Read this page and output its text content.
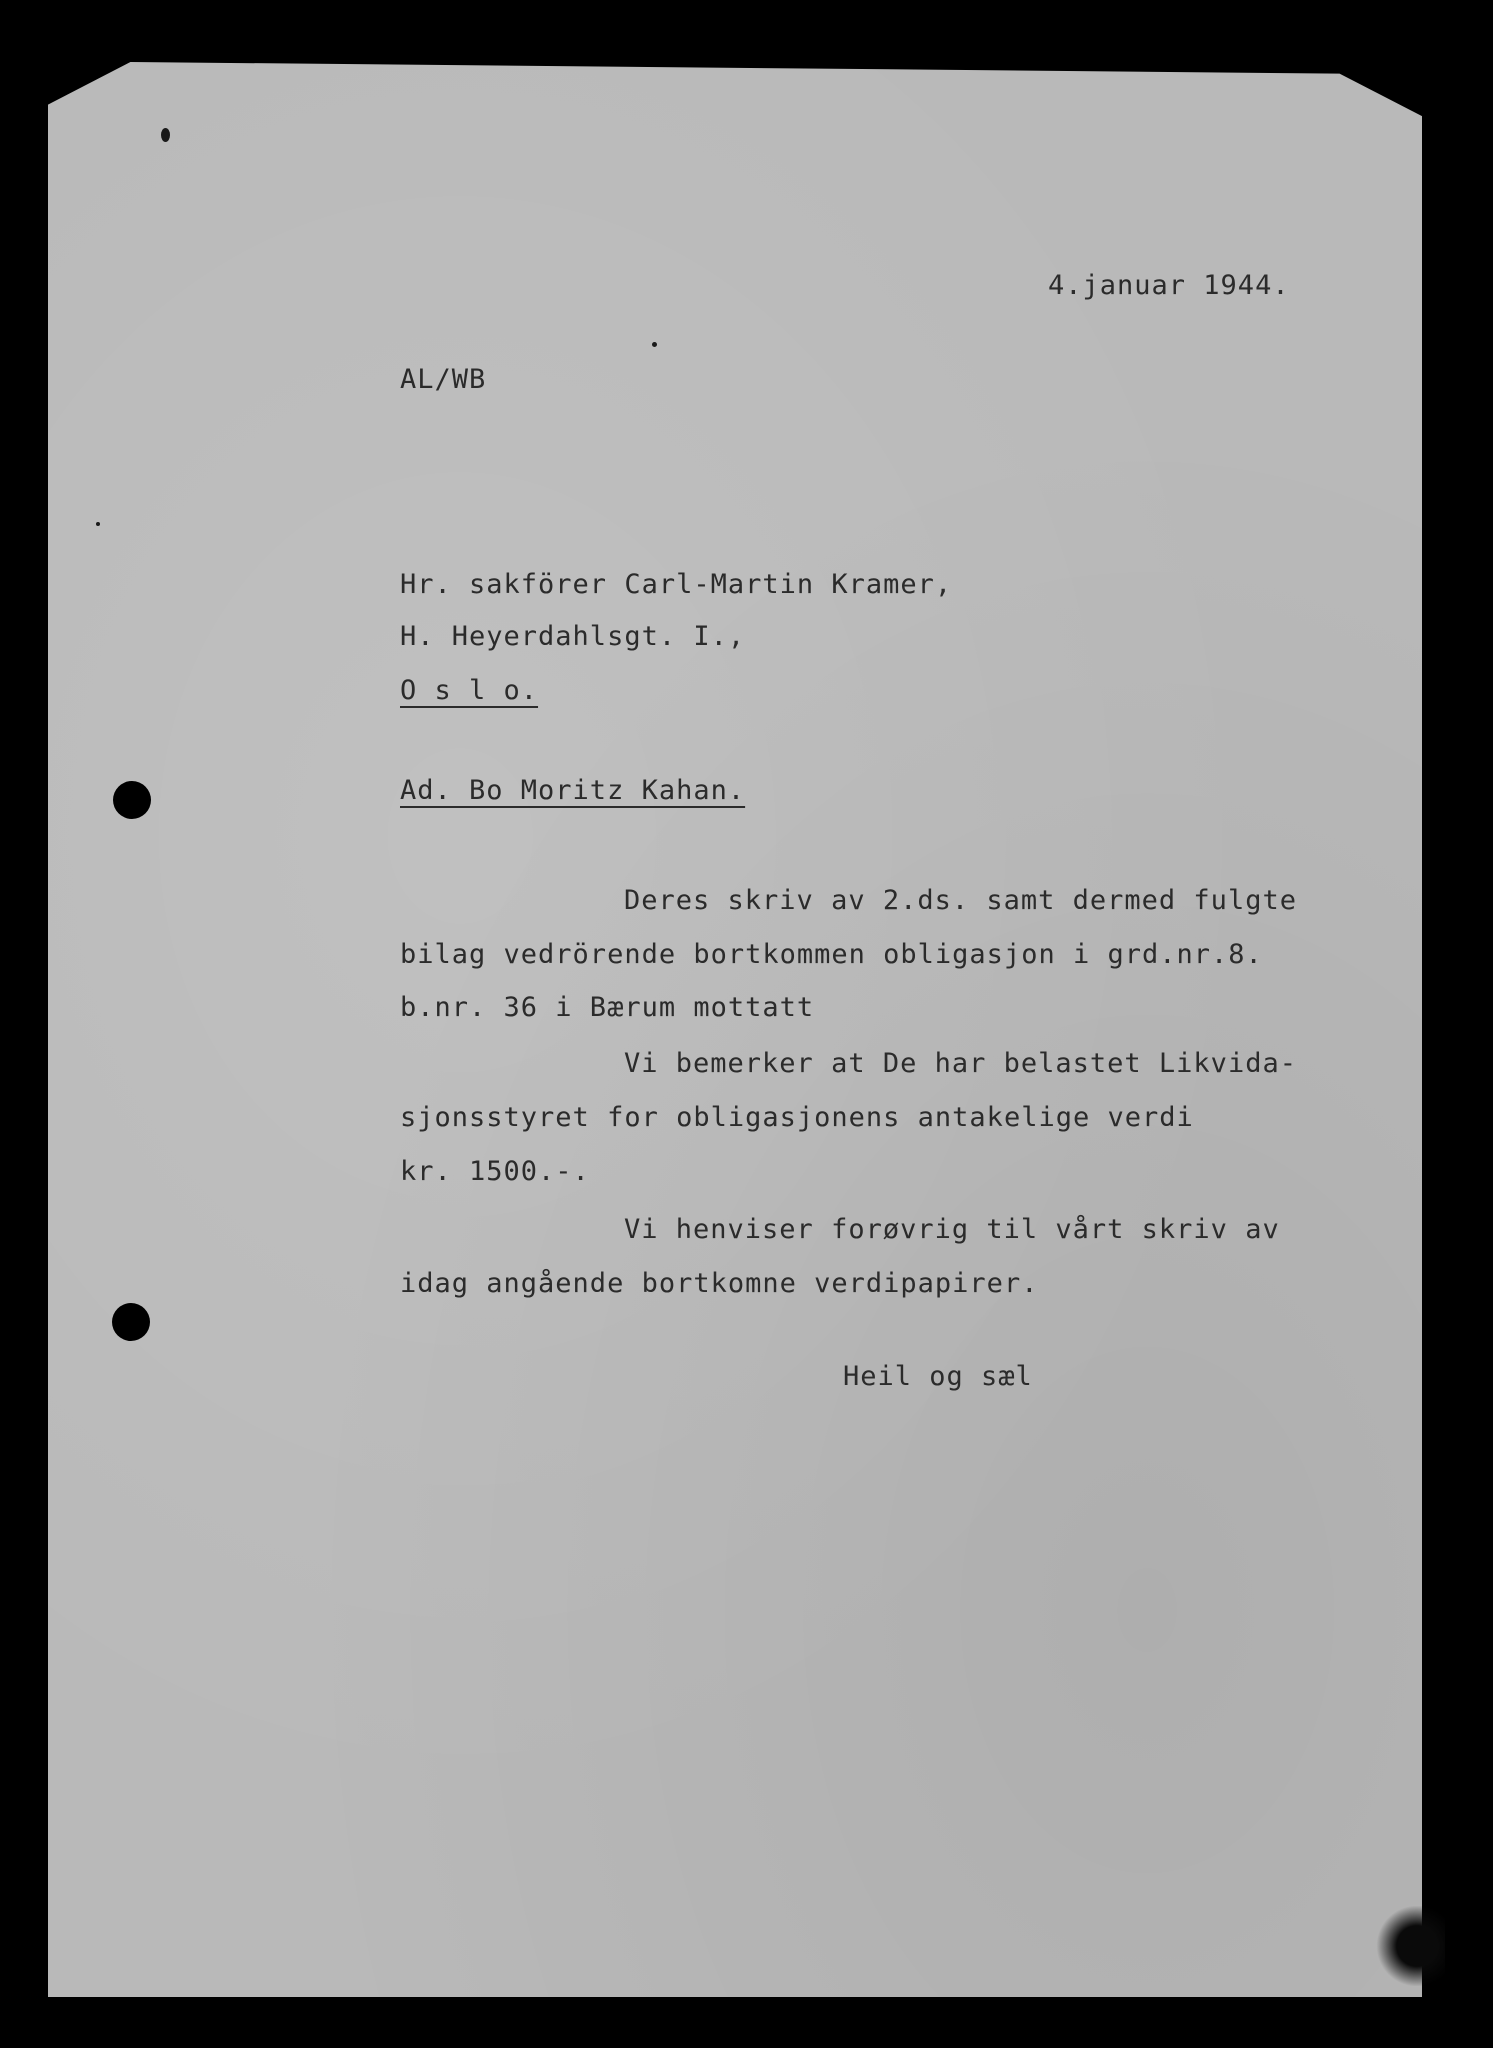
4.januar 1944.
AL/WB
Hr. sakförer Carl-Martin Kramer,
H. Heyerdahlsgt. I.,
O s l o.
Ad. Bo Moritz Kahan.
Deres skriv av 2.ds. samt dermed fulgte
bilag vedrörende bortkommen obligasjon i grd.nr.8.
b.nr. 36 i Bærum mottatt
Vi bemerker at De har belastet Likvida-
sjonsstyret for obligasjonens antakelige verdi
kr. 1500.-.
Vi henviser forøvrig til vårt skriv av
idag angående bortkomne verdipapirer.
Heil og sæl
